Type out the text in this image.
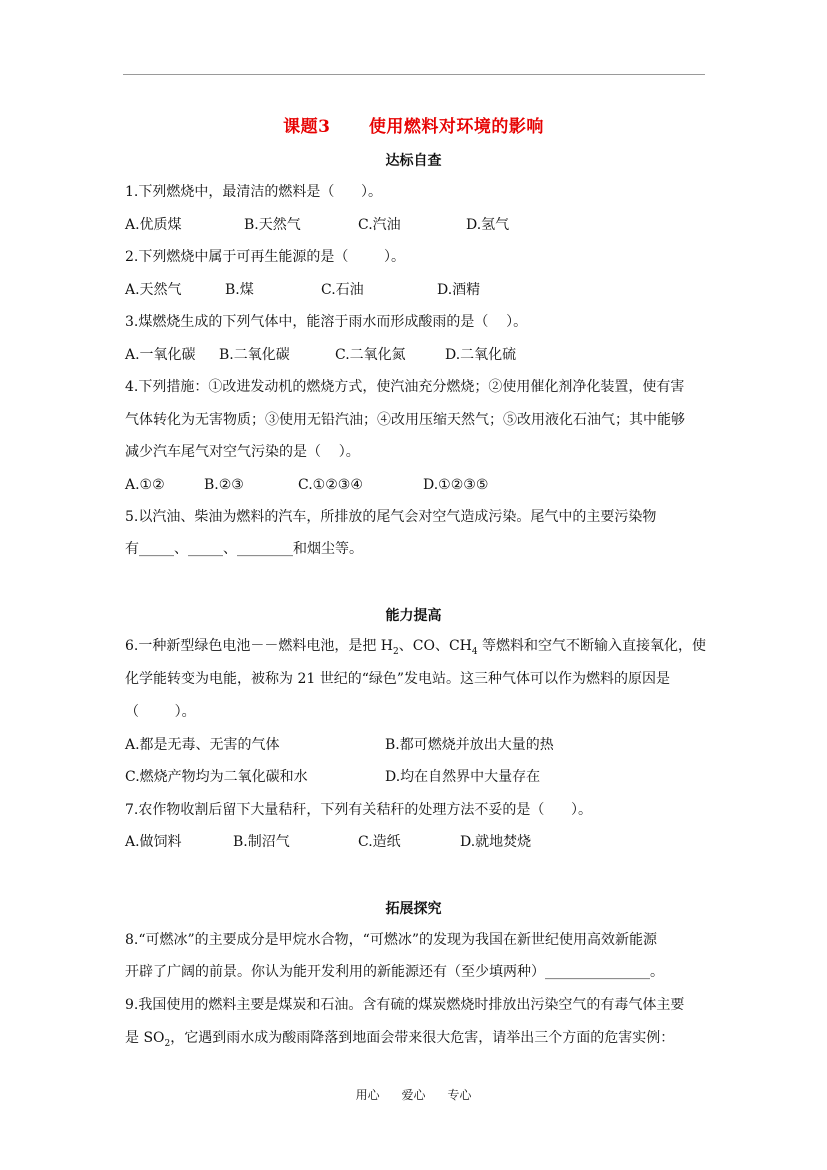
课题3      使用燃料对环境的影响
达标自查
1.下列燃烧中，最清洁的燃料是（      ）。
A.优质煤	B.天然气	C.汽油	D.氢气
2.下列燃烧中属于可再生能源的是（        ）。
A.天然气	B.煤	C.石油	D.酒精
3.煤燃烧生成的下列气体中，能溶于雨水而形成酸雨的是（    ）。
A.一氧化碳 B.二氧化碳	C.二氧化氮	D.二氧化硫
4.下列措施：①改进发动机的燃烧方式，使汽油充分燃烧；②使用催化剂净化装置，使有害
气体转化为无害物质；③使用无铅汽油；④改用压缩天然气；⑤改用液化石油气；其中能够
减少汽车尾气对空气污染的是（    ）。
A.①②	B.②③	C.①②③④	D.①②③⑤
5.以汽油、柴油为燃料的汽车，所排放的尾气会对空气造成污染。尾气中的主要污染物
有_____、_____、________和烟尘等。
能力提高
6.一种新型绿色电池－－燃料电池，是把 $H_2$、CO、$CH_4$ 等燃料和空气不断输入直接氧化，使
化学能转变为电能，被称为 21 世纪的“绿色”发电站。这三种气体可以作为燃料的原因是
（        ）。
A.都是无毒、无害的气体	B.都可燃烧并放出大量的热
C.燃烧产物均为二氧化碳和水	D.均在自然界中大量存在
7.农作物收割后留下大量秸秆，下列有关秸秆的处理方法不妥的是（      ）。
A.做饲料	B.制沼气	C.造纸	D.就地焚烧
拓展探究
8.“可燃冰”的主要成分是甲烷水合物，“可燃冰”的发现为我国在新世纪使用高效新能源
开辟了广阔的前景。你认为能开发利用的新能源还有（至少填两种）_______________。
9.我国使用的燃料主要是煤炭和石油。含有硫的煤炭燃烧时排放出污染空气的有毒气体主要
是 $SO_2$，它遇到雨水成为酸雨降落到地面会带来很大危害，请举出三个方面的危害实例：
用心 爱心 专心
